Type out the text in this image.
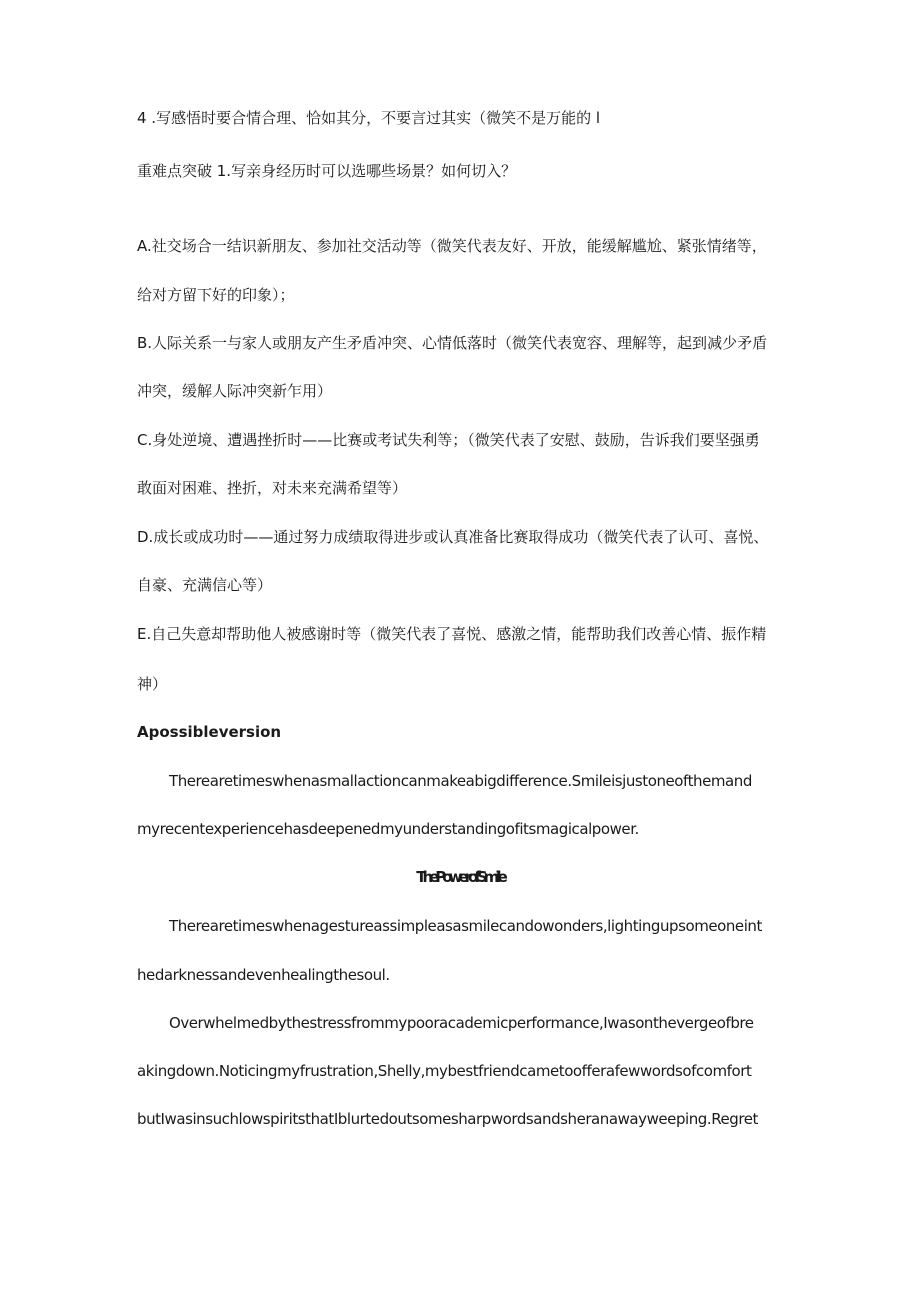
4 .写感悟时要合情合理、恰如其分，不要言过其实（微笑不是万能的 l
重难点突破 1.写亲身经历时可以选哪些场景？如何切入？
A.社交场合一结识新朋友、参加社交活动等（微笑代表友好、开放，能缓解尴尬、紧张情绪等，
给对方留下好的印象）；
B.人际关系一与家人或朋友产生矛盾冲突、心情低落时（微笑代表宽容、理解等，起到减少矛盾
冲突，缓解人际冲突新乍用）
C.身处逆境、遭遇挫折时——比赛或考试失利等；（微笑代表了安慰、鼓励，告诉我们要坚强勇
敢面对困难、挫折，对未来充满希望等）
D.成长或成功时——通过努力成绩取得进步或认真准备比赛取得成功（微笑代表了认可、喜悦、
自豪、充满信心等）
E.自己失意却帮助他人被感谢时等（微笑代表了喜悦、感激之情，能帮助我们改善心情、振作精
神）
Apossibleversion
Therearetimeswhenasmallactioncanmakeabigdifference.Smileisjustoneofthemand
myrecentexperiencehasdeepenedmyunderstandingofitsmagicalpower.
ThePowerofSmile
Therearetimeswhenagestureassimpleasasmilecandowonders,lightingupsomeoneint
hedarknessandevenhealingthesoul.
Overwhelmedbythestressfrommypooracademicperformance,Iwasonthevergeofbre
akingdown.Noticingmyfrustration,Shelly,mybestfriendcametoofferafewwordsofcomfort
butIwasinsuchlowspiritsthatIblurtedoutsomesharpwordsandsheranawayweeping.Regret
